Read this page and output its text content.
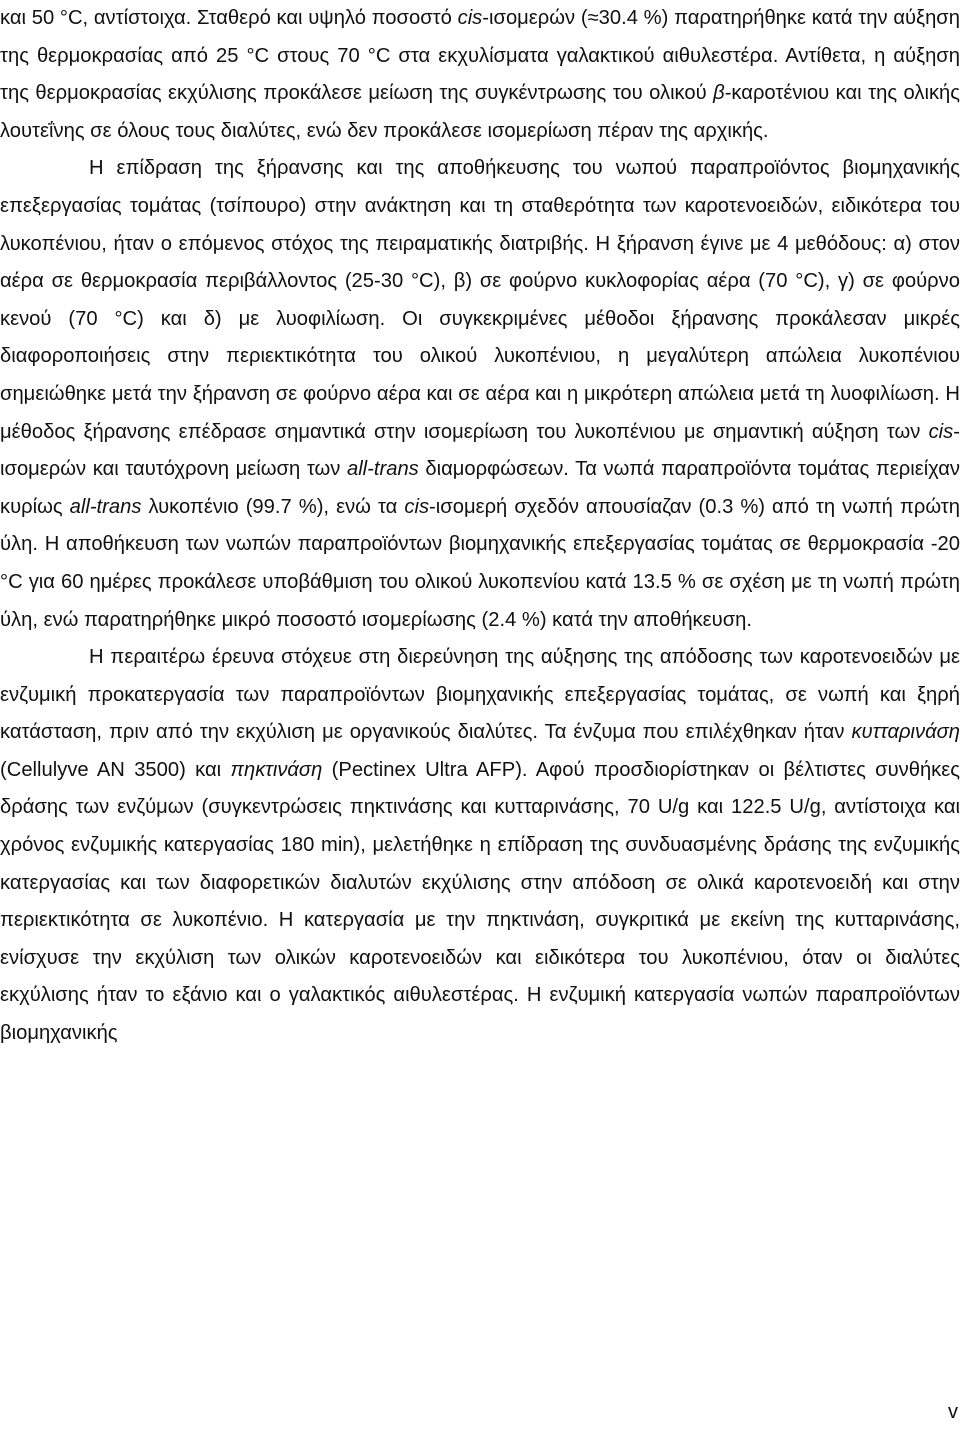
και 50 °C, αντίστοιχα. Σταθερό και υψηλό ποσοστό cis-ισομερών (≈30.4 %) παρατηρήθηκε κατά την αύξηση της θερμοκρασίας από 25 °C στους 70 °C στα εκχυλίσματα γαλακτικού αιθυλεστέρα. Αντίθετα, η αύξηση της θερμοκρασίας εκχύλισης προκάλεσε μείωση της συγκέντρωσης του ολικού β-καροτένιου και της ολικής λουτεΐνης σε όλους τους διαλύτες, ενώ δεν προκάλεσε ισομερίωση πέραν της αρχικής.

Η επίδραση της ξήρανσης και της αποθήκευσης του νωπού παραπροϊόντος βιομηχανικής επεξεργασίας τομάτας (τσίπουρο) στην ανάκτηση και τη σταθερότητα των καροτενοειδών, ειδικότερα του λυκοπένιου, ήταν ο επόμενος στόχος της πειραματικής διατριβής. Η ξήρανση έγινε με 4 μεθόδους: α) στον αέρα σε θερμοκρασία περιβάλλοντος (25-30 °C), β) σε φούρνο κυκλοφορίας αέρα (70 °C), γ) σε φούρνο κενού (70 °C) και δ) με λυοφιλίωση. Οι συγκεκριμένες μέθοδοι ξήρανσης προκάλεσαν μικρές διαφοροποιήσεις στην περιεκτικότητα του ολικού λυκοπένιου, η μεγαλύτερη απώλεια λυκοπένιου σημειώθηκε μετά την ξήρανση σε φούρνο αέρα και σε αέρα και η μικρότερη απώλεια μετά τη λυοφιλίωση. Η μέθοδος ξήρανσης επέδρασε σημαντικά στην ισομερίωση του λυκοπένιου με σημαντική αύξηση των cis-ισομερών και ταυτόχρονη μείωση των all-trans διαμορφώσεων. Τα νωπά παραπροϊόντα τομάτας περιείχαν κυρίως all-trans λυκοπένιο (99.7 %), ενώ τα cis-ισομερή σχεδόν απουσίαζαν (0.3 %) από τη νωπή πρώτη ύλη. Η αποθήκευση των νωπών παραπροϊόντων βιομηχανικής επεξεργασίας τομάτας σε θερμοκρασία -20 °C για 60 ημέρες προκάλεσε υποβάθμιση του ολικού λυκοπενίου κατά 13.5 % σε σχέση με τη νωπή πρώτη ύλη, ενώ παρατηρήθηκε μικρό ποσοστό ισομερίωσης (2.4 %) κατά την αποθήκευση.

Η περαιτέρω έρευνα στόχευε στη διερεύνηση της αύξησης της απόδοσης των καροτενοειδών με ενζυμική προκατεργασία των παραπροϊόντων βιομηχανικής επεξεργασίας τομάτας, σε νωπή και ξηρή κατάσταση, πριν από την εκχύλιση με οργανικούς διαλύτες. Τα ένζυμα που επιλέχθηκαν ήταν κυτταρινάση (Cellulyve AN 3500) και πηκτινάση (Pectinex Ultra AFP). Αφού προσδιορίστηκαν οι βέλτιστες συνθήκες δράσης των ενζύμων (συγκεντρώσεις πηκτινάσης και κυτταρινάσης, 70 U/g και 122.5 U/g, αντίστοιχα και χρόνος ενζυμικής κατεργασίας 180 min), μελετήθηκε η επίδραση της συνδυασμένης δράσης της ενζυμικής κατεργασίας και των διαφορετικών διαλυτών εκχύλισης στην απόδοση σε ολικά καροτενοειδή και στην περιεκτικότητα σε λυκοπένιο. Η κατεργασία με την πηκτινάση, συγκριτικά με εκείνη της κυτταρινάσης, ενίσχυσε την εκχύλιση των ολικών καροτενοειδών και ειδικότερα του λυκοπένιου, όταν οι διαλύτες εκχύλισης ήταν το εξάνιο και ο γαλακτικός αιθυλεστέρας. Η ενζυμική κατεργασία νωπών παραπροϊόντων βιομηχανικής

v
